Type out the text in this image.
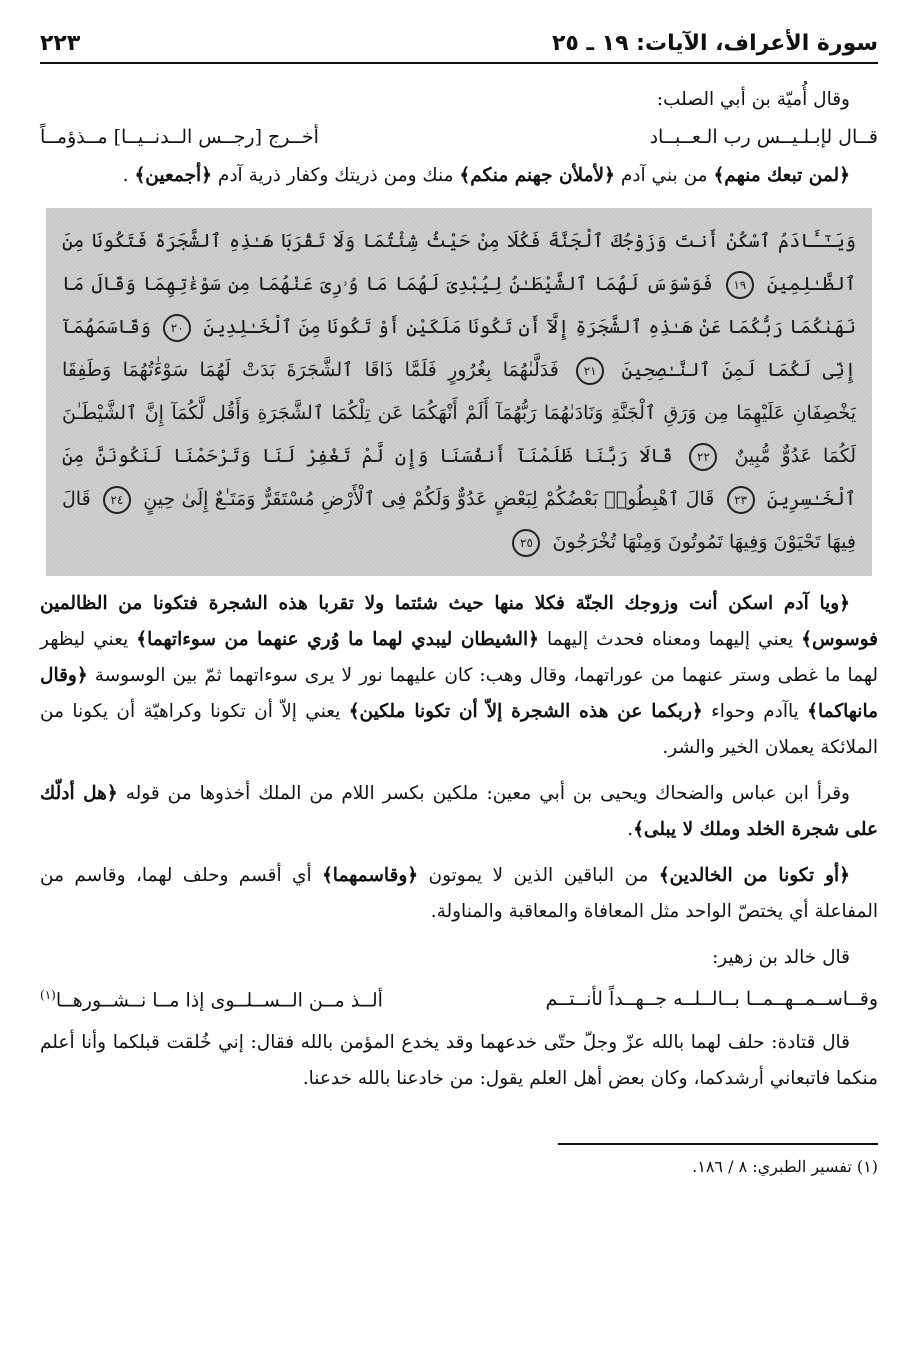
سورة الأعراف، الآيات: ١٩ ـ ٢٥
٢٢٣

وقال أُميّة بن أبي الصلب:

قــال لإبـلـيــس رب الـعــبــاد
أخــرج [رجــس الــدنــيــا] مــذؤمــاً

﴿لمن تبعك منهم﴾ من بني آدم ﴿لأملأن جهنم منكم﴾ منك ومن ذريتك وكفار ذرية آدم ﴿أجمعين﴾ .

وَيَـٰٓـَٔادَمُ ٱسْكُنْ أَنتَ وَزَوْجُكَ ٱلْجَنَّةَ فَكُلَا مِنْ حَيْثُ شِئْتُمَا وَلَا تَقْرَبَا هَـٰذِهِ ٱلشَّجَرَةَ فَتَكُونَا مِنَ ٱلظَّـٰلِمِينَ ١٩ فَوَسْوَسَ لَهُمَا ٱلشَّيْطَـٰنُ لِيُبْدِىَ لَهُمَا مَا وُۥرِىَ عَنْهُمَا مِن سَوْءَٰتِهِمَا وَقَالَ مَا نَهَىٰكُمَا رَبُّكُمَا عَنْ هَـٰذِهِ ٱلشَّجَرَةِ إِلَّآ أَن تَكُونَا مَلَكَيْنِ أَوْ تَكُونَا مِنَ ٱلْخَـٰلِدِينَ ٢٠ وَقَاسَمَهُمَآ إِنِّى لَكُمَا لَمِنَ ٱلنَّـٰصِحِينَ ٢١ فَدَلَّىٰهُمَا بِغُرُورٍ فَلَمَّا ذَاقَا ٱلشَّجَرَةَ بَدَتْ لَهُمَا سَوْءَٰتُهُمَا وَطَفِقَا يَخْصِفَانِ عَلَيْهِمَا مِن وَرَقِ ٱلْجَنَّةِ وَنَادَىٰهُمَا رَبُّهُمَآ أَلَمْ أَنْهَكُمَا عَن تِلْكُمَا ٱلشَّجَرَةِ وَأَقُل لَّكُمَآ إِنَّ ٱلشَّيْطَـٰنَ لَكُمَا عَدُوٌّ مُّبِينٌ ٢٢ قَالَا رَبَّنَا ظَلَمْنَآ أَنفُسَنَا وَإِن لَّمْ تَغْفِرْ لَنَا وَتَرْحَمْنَا لَنَكُونَنَّ مِنَ ٱلْخَـٰسِرِينَ ٢٣ قَالَ ٱهْبِطُوا۟ بَعْضُكُمْ لِبَعْضٍ عَدُوٌّ وَلَكُمْ فِى ٱلْأَرْضِ مُسْتَقَرٌّ وَمَتَـٰعٌ إِلَىٰ حِينٍ ٢٤ قَالَ فِيهَا تَحْيَوْنَ وَفِيهَا تَمُوتُونَ وَمِنْهَا تُخْرَجُونَ ٢٥

﴿ويا آدم اسكن أنت وزوجك الجنّة فكلا منها حيث شئتما ولا تقربا هذه الشجرة فتكونا من الظالمين فوسوس﴾ يعني إليهما ومعناه فحدث إليهما ﴿الشيطان ليبدي لهما ما وُري عنهما من سوءاتهما﴾ يعني ليظهر لهما ما غطى وستر عنهما من عوراتهما، وقال وهب: كان عليهما نور لا يرى سوءاتهما ثمّ بين الوسوسة ﴿وقال مانهاكما﴾ ياآدم وحواء ﴿ربكما عن هذه الشجرة إلاّ أن تكونا ملكين﴾ يعني إلاّ أن تكونا وكراهيّة أن يكونا من الملائكة يعملان الخير والشر.

وقرأ ابن عباس والضحاك ويحيى بن أبي معين: ملكين بكسر اللام من الملك أخذوها من قوله ﴿هل أدلّك على شجرة الخلد وملك لا يبلى﴾.

﴿أو تكونا من الخالدين﴾ من الباقين الذين لا يموتون ﴿وقاسمهما﴾ أي أقسم وحلف لهما، وقاسم من المفاعلة أي يختصّ الواحد مثل المعافاة والمعاقبة والمناولة.

قال خالد بن زهير:

وقــاســمــهــمــا بــالــلــه جــهــداً لأنــتــم
ألــذ مــن الــســلــوى إذا مــا نــشــورهــا$^{(١)}$

قال قتادة: حلف لهما بالله عزّ وجلّ حتّى خدعهما وقد يخدع المؤمن بالله فقال: إني خُلقت قبلكما وأنا أعلم منكما فاتبعاني أرشدكما، وكان بعض أهل العلم يقول: من خادعنا بالله خدعنا.

(١) تفسير الطبري: ٨ / ١٨٦.
